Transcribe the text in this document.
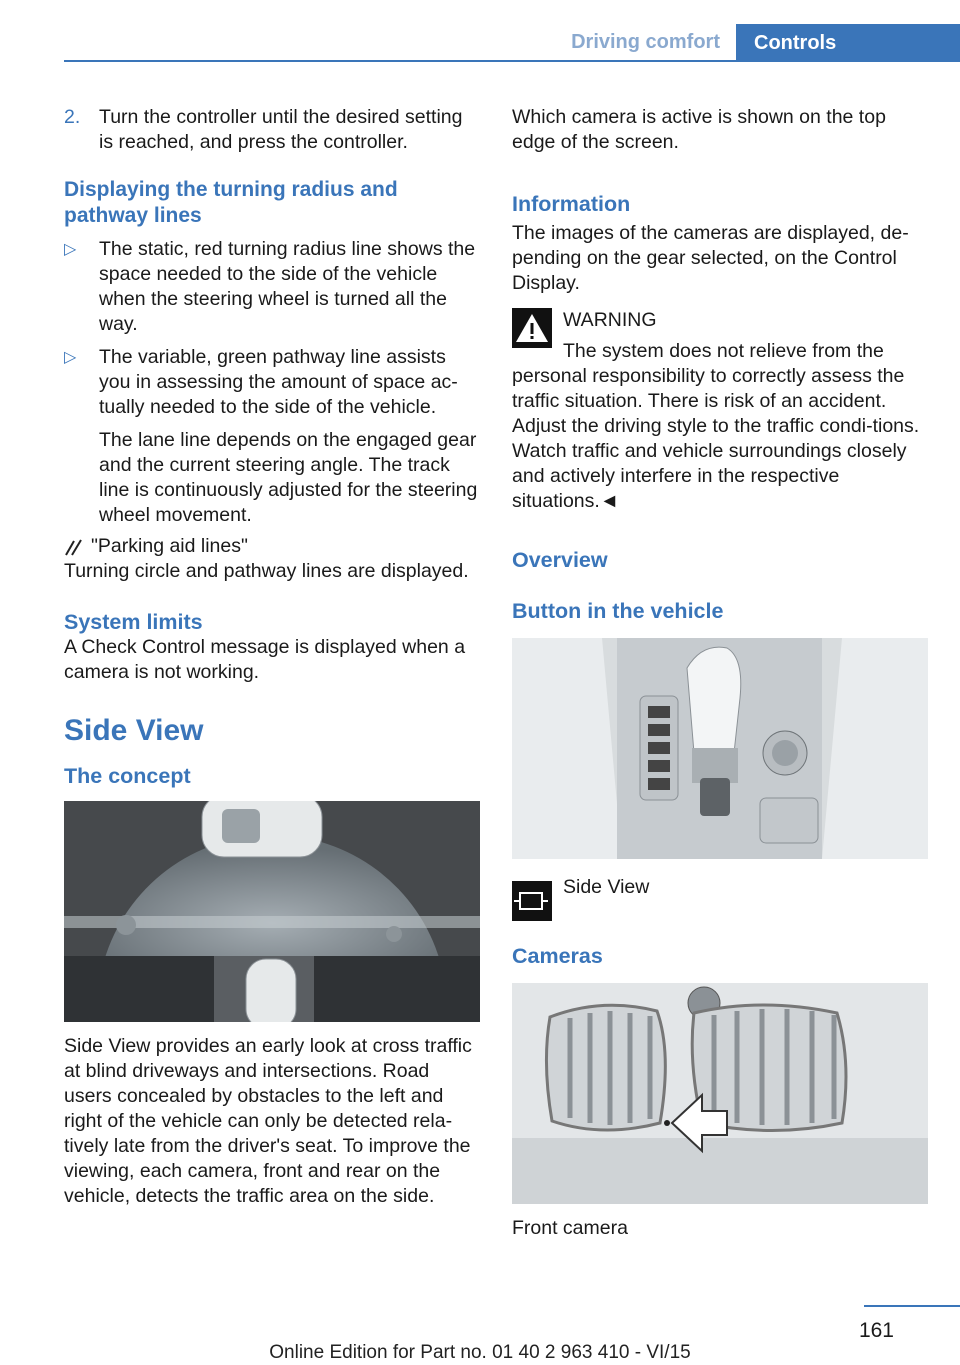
Driving comfort	Controls
2. Turn the controller until the desired setting is reached, and press the controller.

Displaying the turning radius and pathway lines
▷ The static, red turning radius line shows the space needed to the side of the vehicle when the steering wheel is turned all the way.

▷ The variable, green pathway line assists you in assessing the amount of space ac‐tually needed to the side of the vehicle.

The lane line depends on the engaged gear and the current steering angle. The track line is continuously adjusted for the steering wheel movement.

"Parking aid lines"

Turning circle and pathway lines are displayed.

System limits

A Check Control message is displayed when a camera is not working.

Side View
The concept

Side View provides an early look at cross traffic at blind driveways and intersections. Road users concealed by obstacles to the left and right of the vehicle can only be detected rela‐tively late from the driver's seat. To improve the viewing, each camera, front and rear on the vehicle, detects the traffic area on the side.

Which camera is active is shown on the top edge of the screen.

Information

The images of the cameras are displayed, de‐pending on the gear selected, on the Control Display.

WARNING
The system does not relieve from the

personal responsibility to correctly assess the traffic situation. There is risk of an accident. Adjust the driving style to the traffic condi‐tions. Watch traffic and vehicle surroundings closely and actively interfere in the respective situations.◄

Overview
Button in the vehicle
Side View
Cameras

Front camera

161
Online Edition for Part no. 01 40 2 963 410 - VI/15
